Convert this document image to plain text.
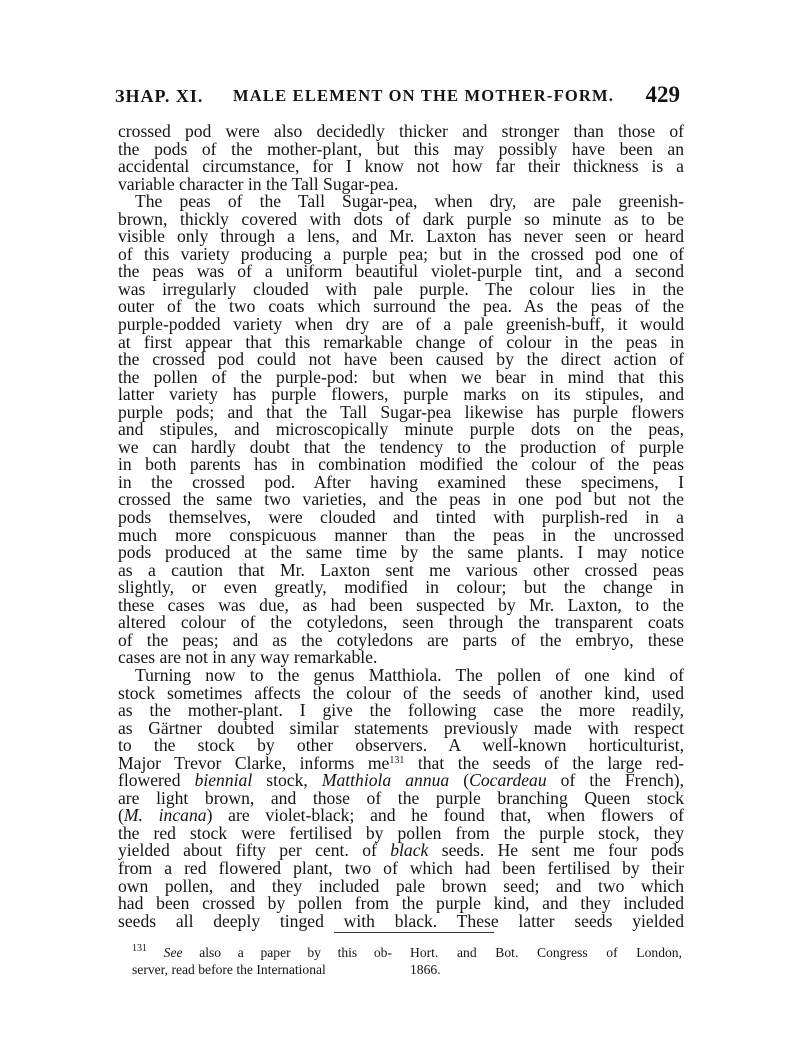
ЗHAP. XI. MALE ELEMENT ON THE MOTHER-FORM. 429
crossed pod were also decidedly thicker and stronger than those of
the pods of the mother-plant, but this may possibly have been an
accidental circumstance, for I know not how far their thickness is a
variable character in the Tall Sugar-pea.
The peas of the Tall Sugar-pea, when dry, are pale greenish-
brown, thickly covered with dots of dark purple so minute as to be
visible only through a lens, and Mr. Laxton has never seen or heard
of this variety producing a purple pea; but in the crossed pod one of
the peas was of a uniform beautiful violet-purple tint, and a second
was irregularly clouded with pale purple. The colour lies in the
outer of the two coats which surround the pea. As the peas of the
purple-podded variety when dry are of a pale greenish-buff, it would
at first appear that this remarkable change of colour in the peas in
the crossed pod could not have been caused by the direct action of
the pollen of the purple-pod: but when we bear in mind that this
latter variety has purple flowers, purple marks on its stipules, and
purple pods; and that the Tall Sugar-pea likewise has purple flowers
and stipules, and microscopically minute purple dots on the peas,
we can hardly doubt that the tendency to the production of purple
in both parents has in combination modified the colour of the peas
in the crossed pod. After having examined these specimens, I
crossed the same two varieties, and the peas in one pod but not the
pods themselves, were clouded and tinted with purplish-red in a
much more conspicuous manner than the peas in the uncrossed
pods produced at the same time by the same plants. I may notice
as a caution that Mr. Laxton sent me various other crossed peas
slightly, or even greatly, modified in colour; but the change in
these cases was due, as had been suspected by Mr. Laxton, to the
altered colour of the cotyledons, seen through the transparent coats
of the peas; and as the cotyledons are parts of the embryo, these
cases are not in any way remarkable.
Turning now to the genus Matthiola. The pollen of one kind of
stock sometimes affects the colour of the seeds of another kind, used
as the mother-plant. I give the following case the more readily,
as Gärtner doubted similar statements previously made with respect
to the stock by other observers. A well-known horticulturist,
Major Trevor Clarke, informs $me^{131}$ that the seeds of the large red-
flowered biennial stock, Matthiola annua (Cocardeau of the French),
are light brown, and those of the purple branching Queen stock
(M. incana) are violet-black; and he found that, when flowers of
the red stock were fertilised by pollen from the purple stock, they
yielded about fifty per cent. of black seeds. He sent me four pods
from a red flowered plant, two of which had been fertilised by their
own pollen, and they included pale brown seed; and two which
had been crossed by pollen from the purple kind, and they included
seeds all deeply tinged with black. These latter seeds yielded
$^{131}$ See also a paper by this ob-
server, read before the International
Hort. and Bot. Congress of London,
1866.
